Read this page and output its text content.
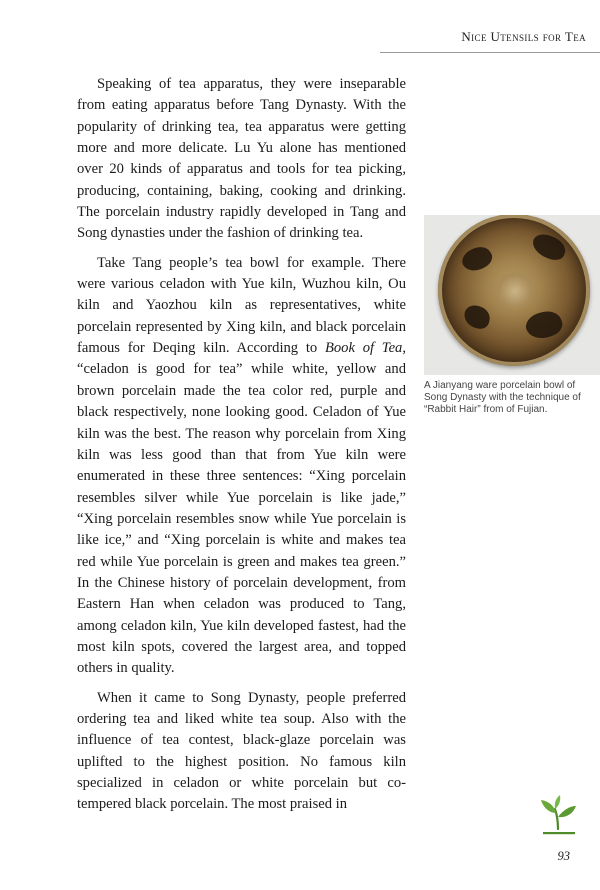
Nice Utensils for Tea

Speaking of tea apparatus, they were inseparable from eating apparatus before Tang Dynasty. With the popularity of drinking tea, tea apparatus were getting more and more delicate. Lu Yu alone has mentioned over 20 kinds of apparatus and tools for tea picking, producing, containing, baking, cooking and drinking. The porcelain industry rapidly developed in Tang and Song dynasties under the fashion of drinking tea.

Take Tang people’s tea bowl for example. There were various celadon with Yue kiln, Wuzhou kiln, Ou kiln and Yaozhou kiln as representatives, white porcelain represented by Xing kiln, and black porcelain famous for Deqing kiln. According to Book of Tea, “celadon is good for tea” while white, yellow and brown porcelain made the tea color red, purple and black respectively, none looking good. Celadon of Yue kiln was the best. The reason why porcelain from Xing kiln was less good than that from Yue kiln were enumerated in these three sentences: “Xing porcelain resembles silver while Yue porcelain is like jade,” “Xing porcelain resembles snow while Yue porcelain is like ice,” and “Xing porcelain is white and makes tea red while Yue porcelain is green and makes tea green.” In the Chinese history of porcelain development, from Eastern Han when celadon was produced to Tang, among celadon kiln, Yue kiln developed fastest, had the most kiln spots, covered the largest area, and topped others in quality.

When it came to Song Dynasty, people preferred ordering tea and liked white tea soup. Also with the influence of tea contest, black-glaze porcelain was uplifted to the highest position. No famous kiln specialized in celadon or white porcelain but co-tempered black porcelain. The most praised in

A Jianyang ware porcelain bowl of Song Dynasty with the technique of “Rabbit Hair” from of Fujian.
93
